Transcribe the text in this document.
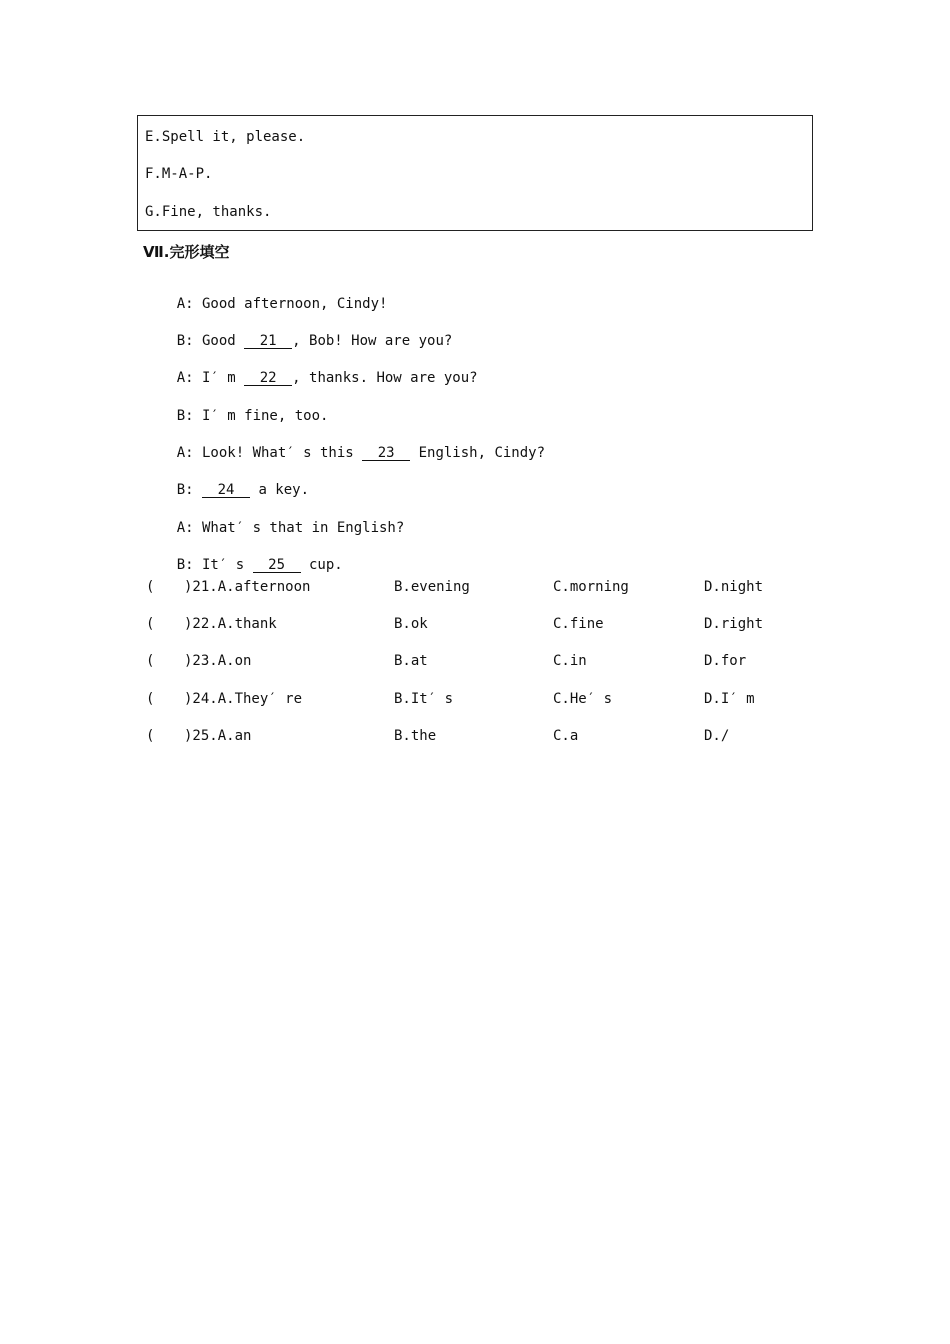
E.Spell it, please.
F.M-A-P.
G.Fine, thanks.
Ⅶ.完形填空

A: Good afternoon, Cindy!

B: Good 21 , Bob! How are you?

A: I′ m 22 , thanks. How are you?

B: I′ m fine, too.

A: Look! What′ s this 23 English, Cindy?

B: 24 a key.

A: What′ s that in English?

B: It′ s 25 cup.

( )21.A.afternoon	B.evening	C.morning	D.night
( )22.A.thank	B.ok	C.fine	D.right
( )23.A.on	B.at	C.in	D.for
( )24.A.They′ re	B.It′ s	C.He′ s	D.I′ m
( )25.A.an	B.the	C.a	D./
